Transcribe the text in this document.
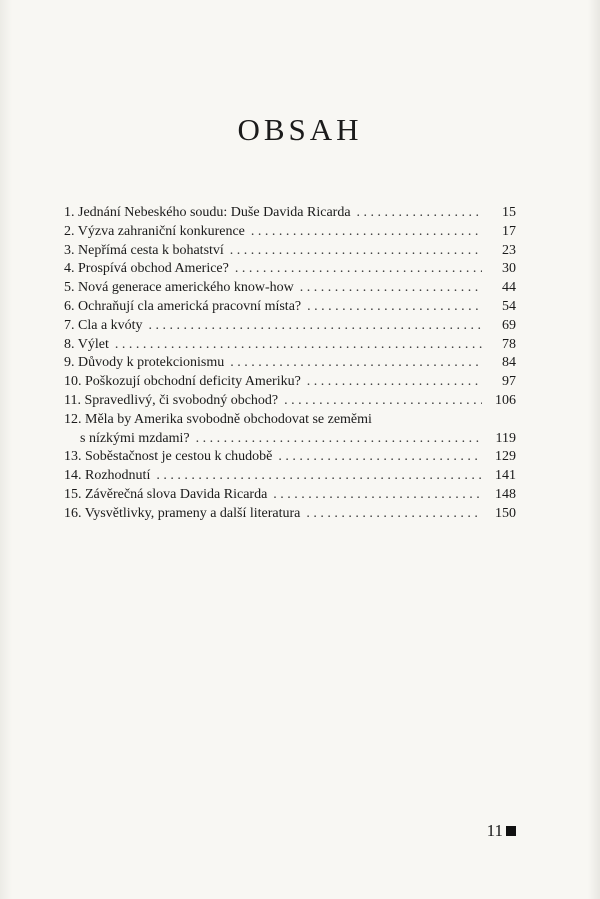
OBSAH
1. Jednání Nebeského soudu: Duše Davida Ricarda . . .	15
2. Výzva zahraniční konkurence . . .	17
3. Nepřímá cesta k bohatství . . .	23
4. Prospívá obchod Americe? . . .	30
5. Nová generace amerického know-how . . .	44
6. Ochraňují cla americká pracovní místa? . . .	54
7. Cla a kvóty . . .	69
8. Výlet . . .	78
9. Důvody k protekcionismu . . .	84
10. Poškozují obchodní deficity Ameriku? . . .	97
11. Spravedlivý, či svobodný obchod? . . .	106
12. Měla by Amerika svobodně obchodovat se zeměmi
s nízkými mzdami? . . .	119
13. Soběstačnost je cestou k chudobě . . .	129
14. Rozhodnutí . . .	141
15. Závěrečná slova Davida Ricarda . . .	148
16. Vysvětlivky, prameny a další literatura . . .	150
11
